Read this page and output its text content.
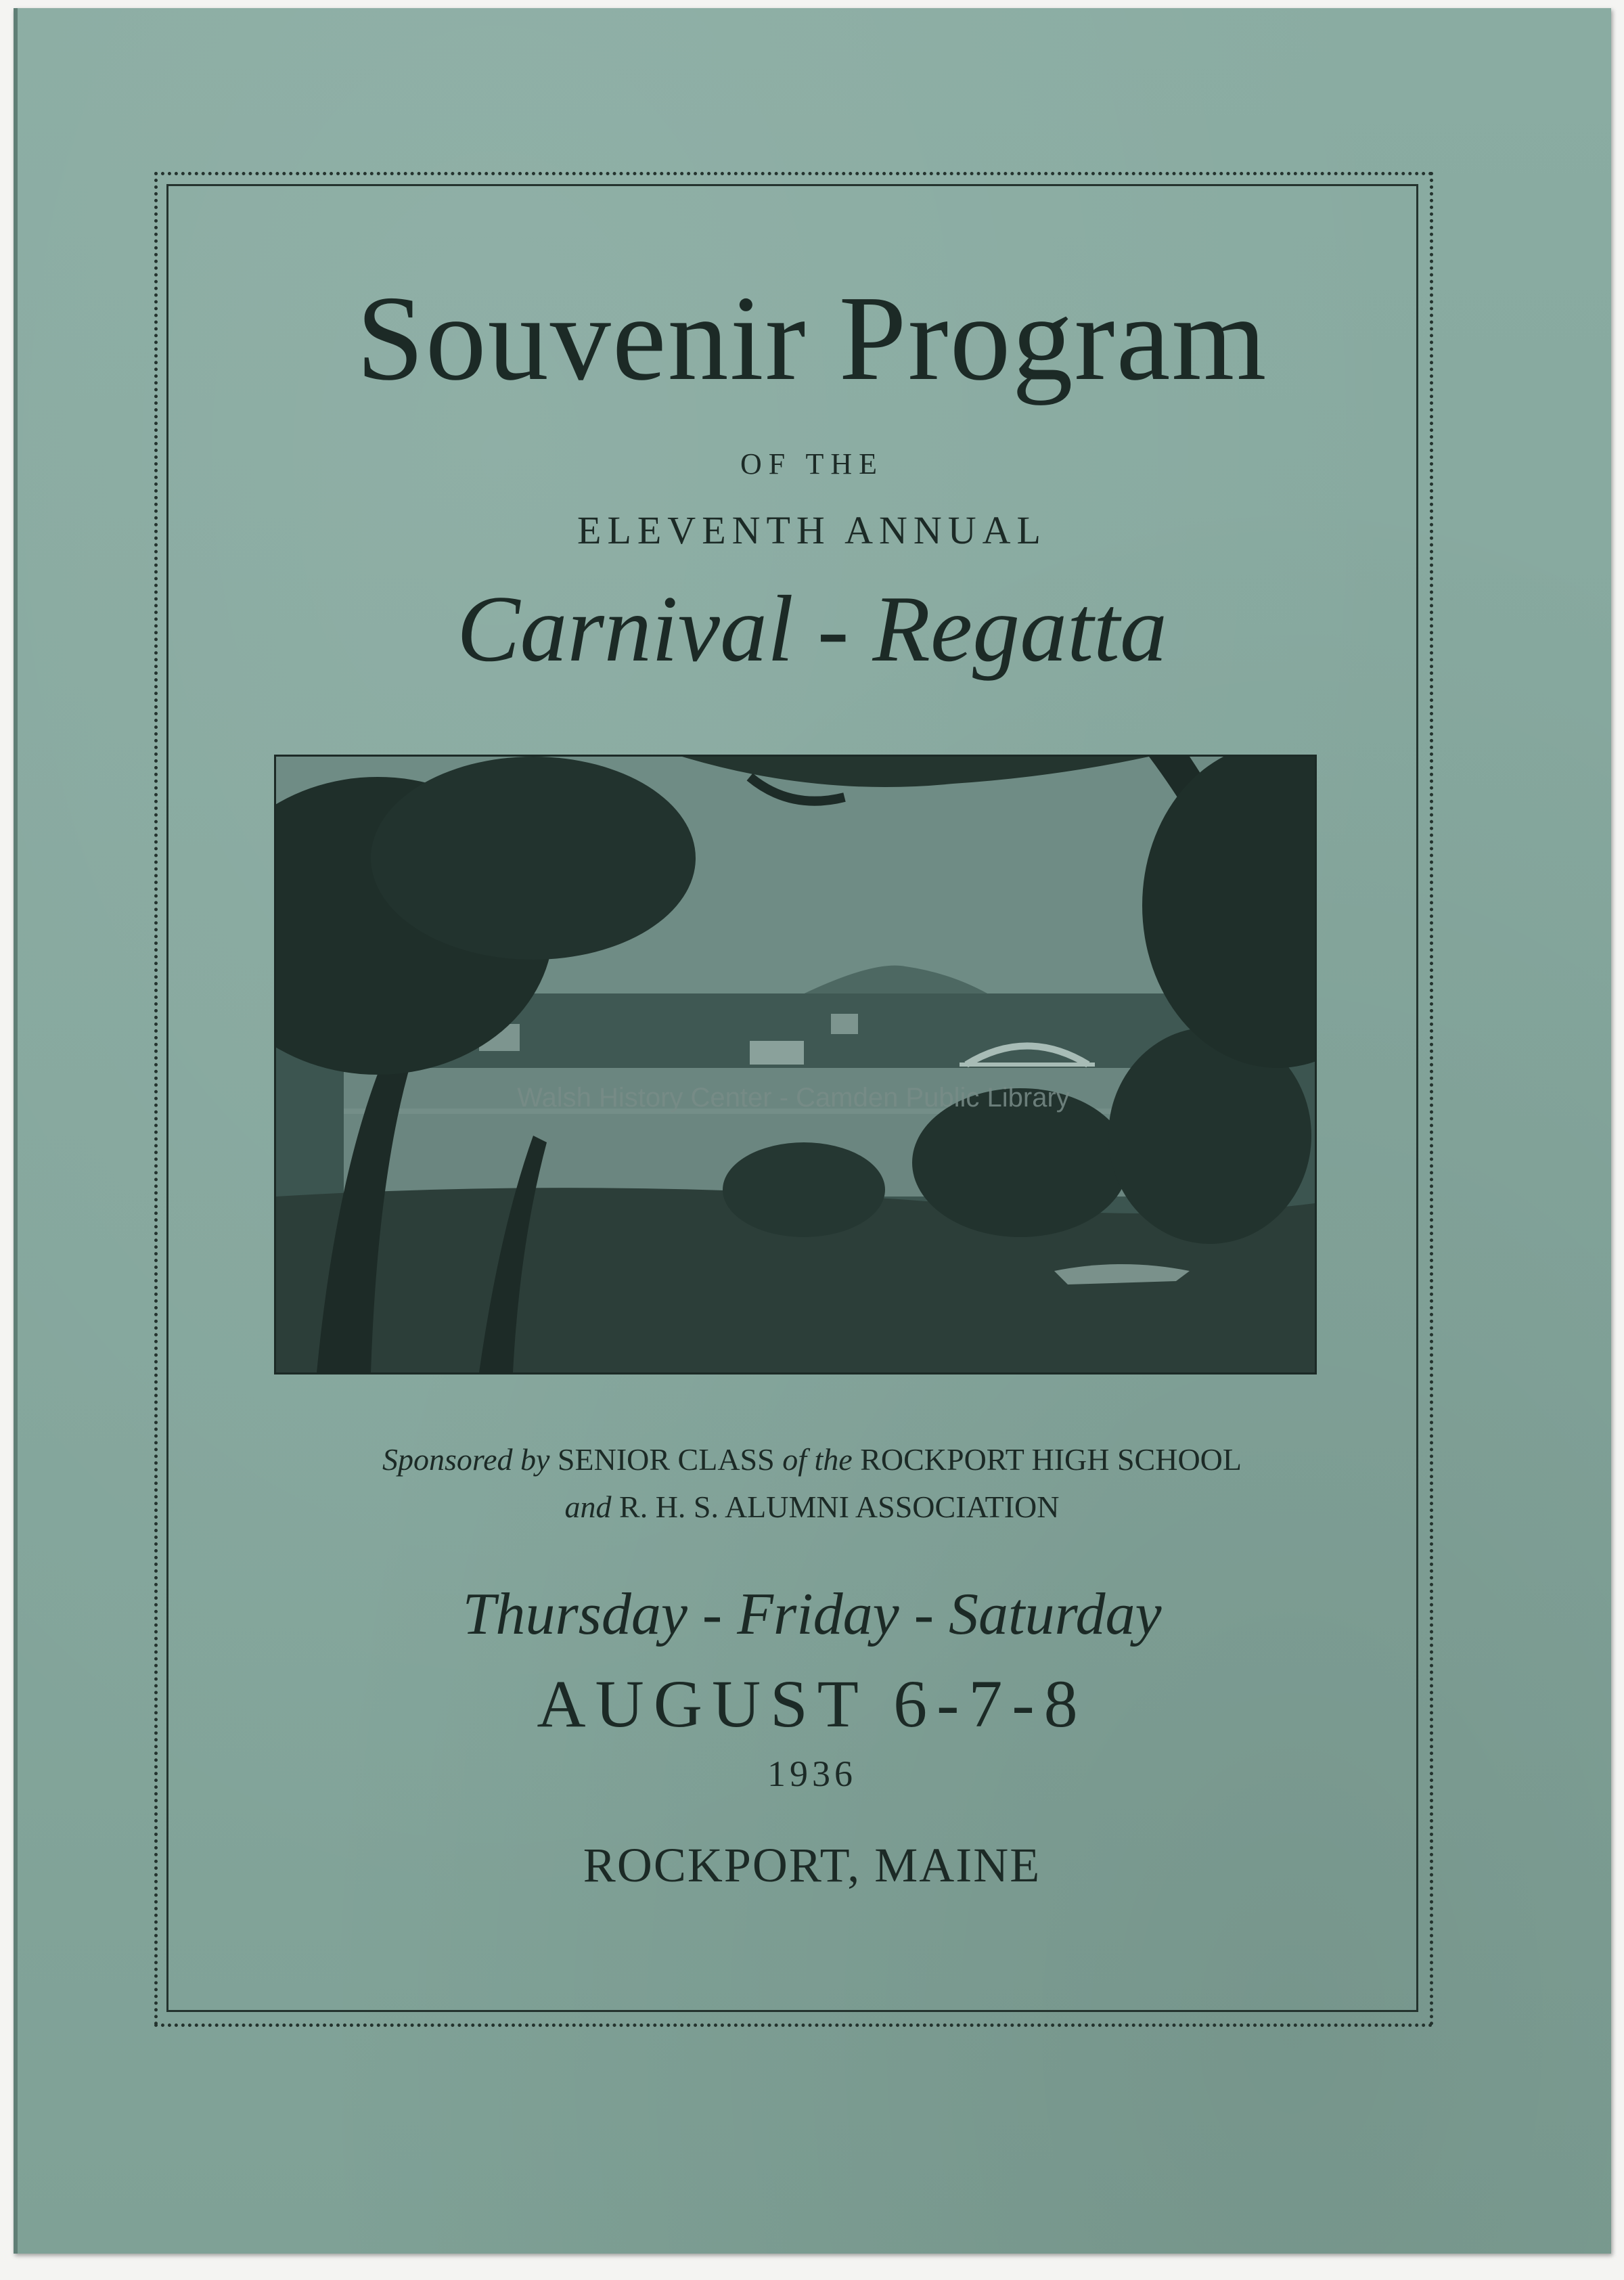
Souvenir Program
OF THE
ELEVENTH ANNUAL
Carnival - Regatta
Walsh History Center - Camden Public Library
Sponsored by SENIOR CLASS of the ROCKPORT HIGH SCHOOL
and R. H. S. ALUMNI ASSOCIATION
Thursday - Friday - Saturday
AUGUST 6-7-8
1936
ROCKPORT, MAINE
